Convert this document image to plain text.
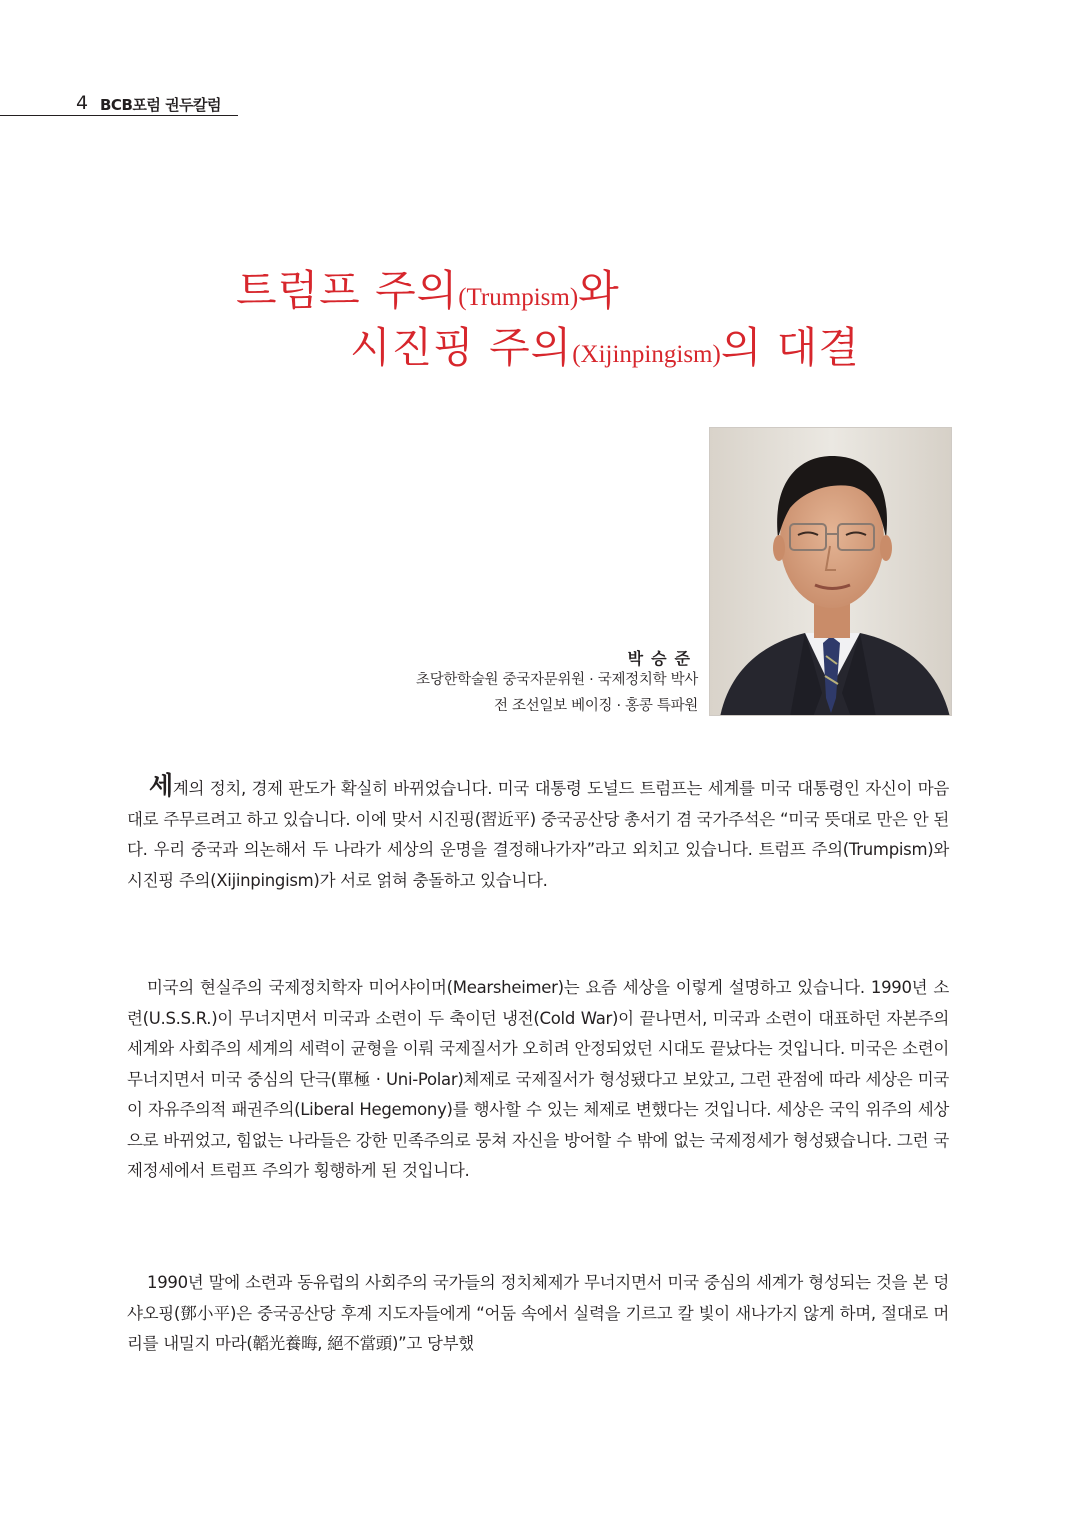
4 BCB포럼 권두칼럼
트럼프 주의(Trumpism)와
시진핑 주의(Xijinpingism)의 대결
박승준
초당한학술원 중국자문위원 · 국제정치학 박사
전 조선일보 베이징 · 홍콩 특파원

세계의 정치, 경제 판도가 확실히 바뀌었습니다. 미국 대통령 도널드 트럼프는 세계를 미국 대통령인 자신이 마음대로 주무르려고 하고 있습니다. 이에 맞서 시진핑(習近平) 중국공산당 총서기 겸 국가주석은 “미국 뜻대로 만은 안 된다. 우리 중국과 의논해서 두 나라가 세상의 운명을 결정해나가자”라고 외치고 있습니다. 트럼프 주의(Trumpism)와 시진핑 주의(Xijinpingism)가 서로 얽혀 충돌하고 있습니다.

미국의 현실주의 국제정치학자 미어샤이머(Mearsheimer)는 요즘 세상을 이렇게 설명하고 있습니다. 1990년 소련(U.S.S.R.)이 무너지면서 미국과 소련이 두 축이던 냉전(Cold War)이 끝나면서, 미국과 소련이 대표하던 자본주의 세계와 사회주의 세계의 세력이 균형을 이뤄 국제질서가 오히려 안정되었던 시대도 끝났다는 것입니다. 미국은 소련이 무너지면서 미국 중심의 단극(單極 · Uni-Polar)체제로 국제질서가 형성됐다고 보았고, 그런 관점에 따라 세상은 미국이 자유주의적 패권주의(Liberal Hegemony)를 행사할 수 있는 체제로 변했다는 것입니다. 세상은 국익 위주의 세상으로 바뀌었고, 힘없는 나라들은 강한 민족주의로 뭉쳐 자신을 방어할 수 밖에 없는 국제정세가 형성됐습니다. 그런 국제정세에서 트럼프 주의가 횡행하게 된 것입니다.

1990년 말에 소련과 동유럽의 사회주의 국가들의 정치체제가 무너지면서 미국 중심의 세계가 형성되는 것을 본 덩샤오핑(鄧小平)은 중국공산당 후계 지도자들에게 “어둠 속에서 실력을 기르고 칼 빛이 새나가지 않게 하며, 절대로 머리를 내밀지 마라(韜光養晦, 絕不當頭)”고 당부했
